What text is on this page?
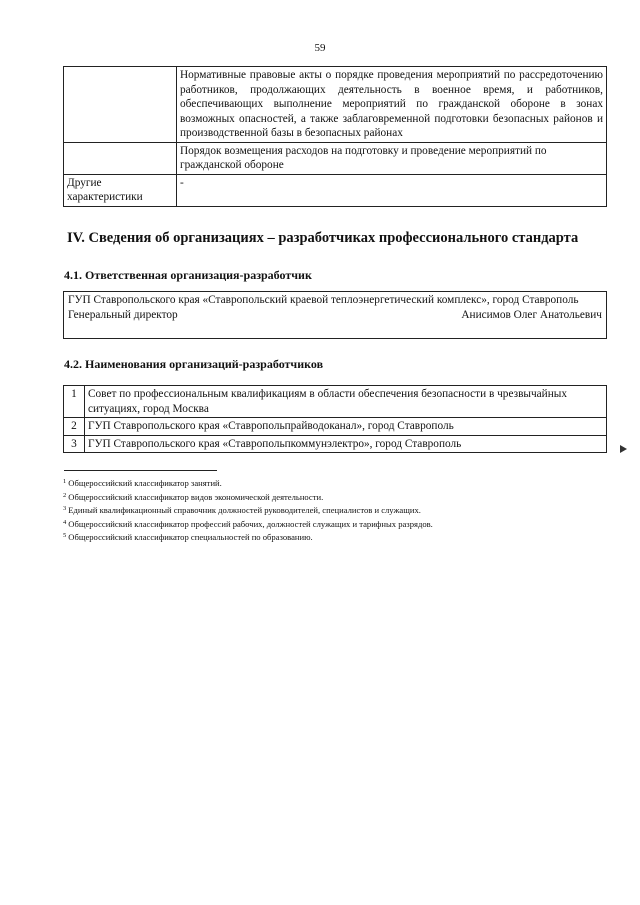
59
	Нормативные правовые акты о порядке проведения мероприятий по рассредоточению работников, продолжающих деятельность в военное время, и работников, обеспечивающих выполнение мероприятий по гражданской обороне в зонах возможных опасностей, а также заблаговременной подготовки безопасных районов и производственной базы в безопасных районах
	Порядок возмещения расходов на подготовку и проведение мероприятий по гражданской обороне
Другие характеристики	-
IV. Сведения об организациях – разработчиках профессионального стандарта
4.1. Ответственная организация-разработчик
ГУП Ставропольского края «Ставропольский краевой теплоэнергетический комплекс», город Ставрополь
Генеральный директор	Анисимов Олег Анатольевич
4.2. Наименования организаций-разработчиков
1	Совет по профессиональным квалификациям в области обеспечения безопасности в чрезвычайных ситуациях, город Москва
2	ГУП Ставропольского края «Ставропольпрайводоканал», город Ставрополь
3	ГУП Ставропольского края «Ставропольпкоммунэлектро», город Ставрополь
$^1$ Общероссийский классификатор занятий.
$^2$ Общероссийский классификатор видов экономической деятельности.
$^3$ Единый квалификационный справочник должностей руководителей, специалистов и служащих.
$^4$ Общероссийский классификатор профессий рабочих, должностей служащих и тарифных разрядов.
$^5$ Общероссийский классификатор специальностей по образованию.
